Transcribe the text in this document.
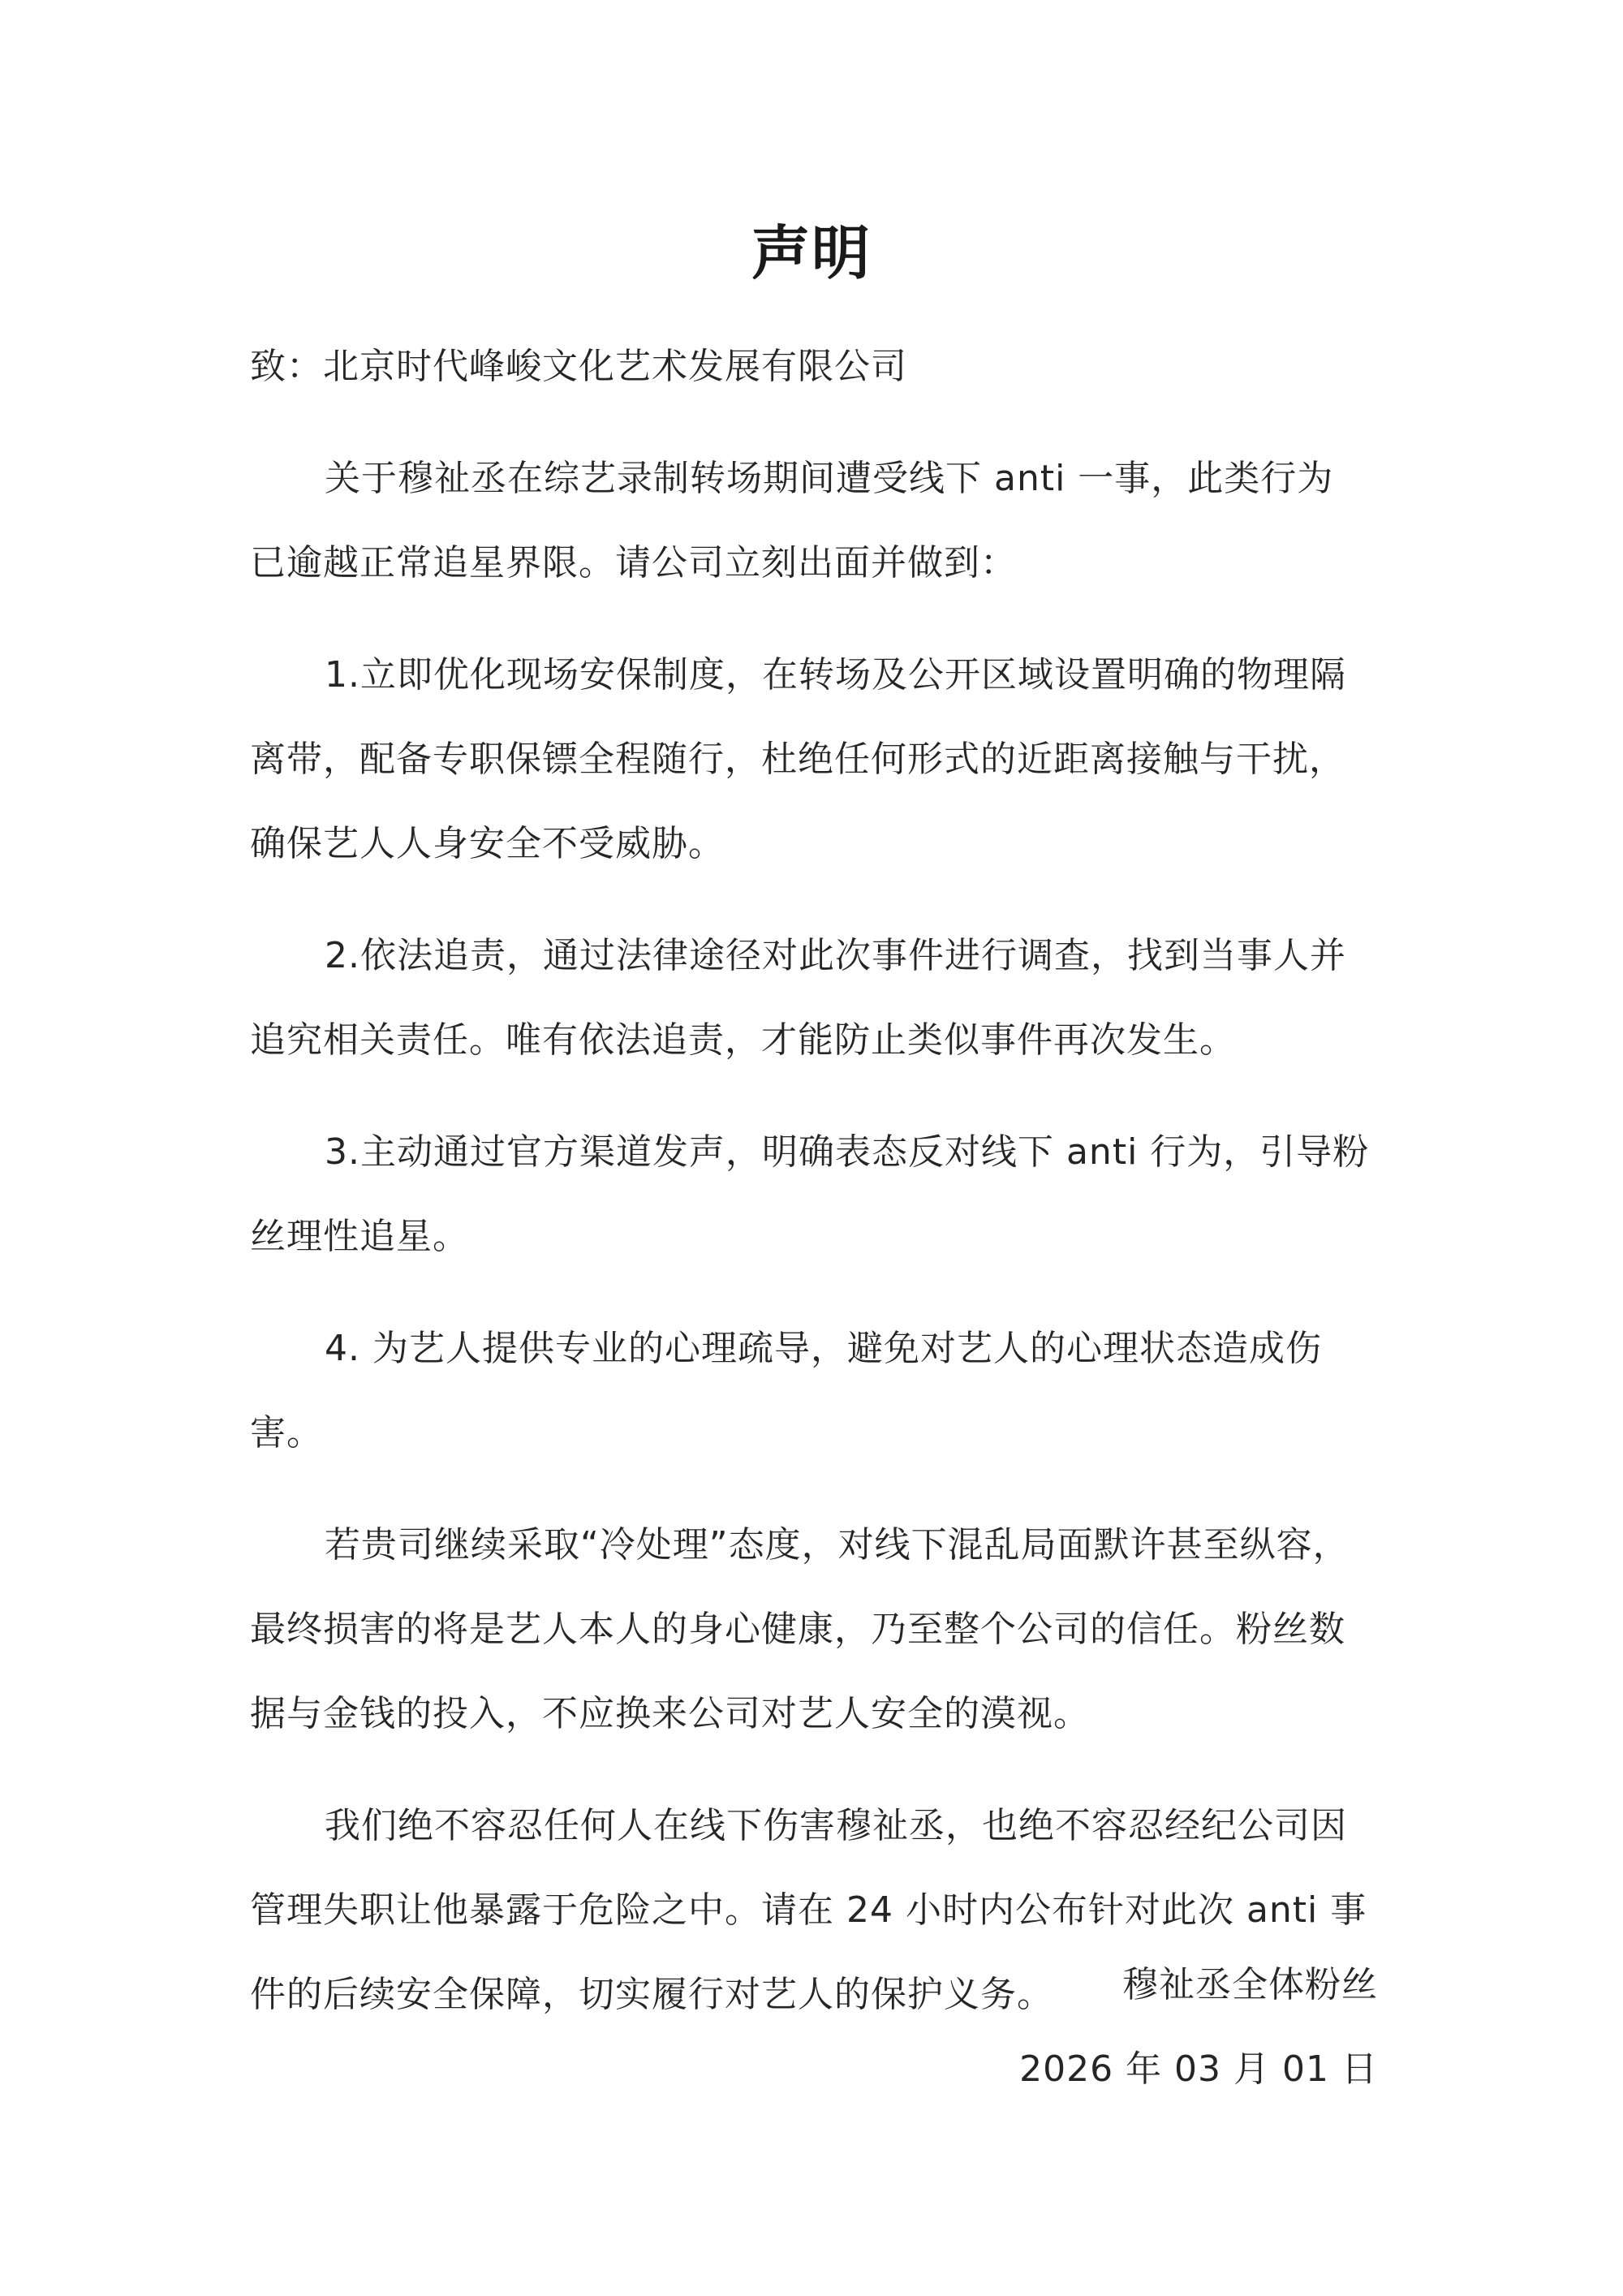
声明
致：北京时代峰峻文化艺术发展有限公司
关于穆祉丞在综艺录制转场期间遭受线下 anti 一事，此类行为
已逾越正常追星界限。请公司立刻出面并做到：
1.立即优化现场安保制度，在转场及公开区域设置明确的物理隔
离带，配备专职保镖全程随行，杜绝任何形式的近距离接触与干扰，
确保艺人人身安全不受威胁。
2.依法追责，通过法律途径对此次事件进行调查，找到当事人并
追究相关责任。唯有依法追责，才能防止类似事件再次发生。
3.主动通过官方渠道发声，明确表态反对线下 anti 行为，引导粉
丝理性追星。
4. 为艺人提供专业的心理疏导，避免对艺人的心理状态造成伤
害。
若贵司继续采取“冷处理”态度，对线下混乱局面默许甚至纵容，
最终损害的将是艺人本人的身心健康，乃至整个公司的信任。粉丝数
据与金钱的投入，不应换来公司对艺人安全的漠视。
我们绝不容忍任何人在线下伤害穆祉丞，也绝不容忍经纪公司因
管理失职让他暴露于危险之中。请在 24 小时内公布针对此次 anti 事
件的后续安全保障，切实履行对艺人的保护义务。	穆祉丞全体粉丝
2026 年 03 月 01 日
